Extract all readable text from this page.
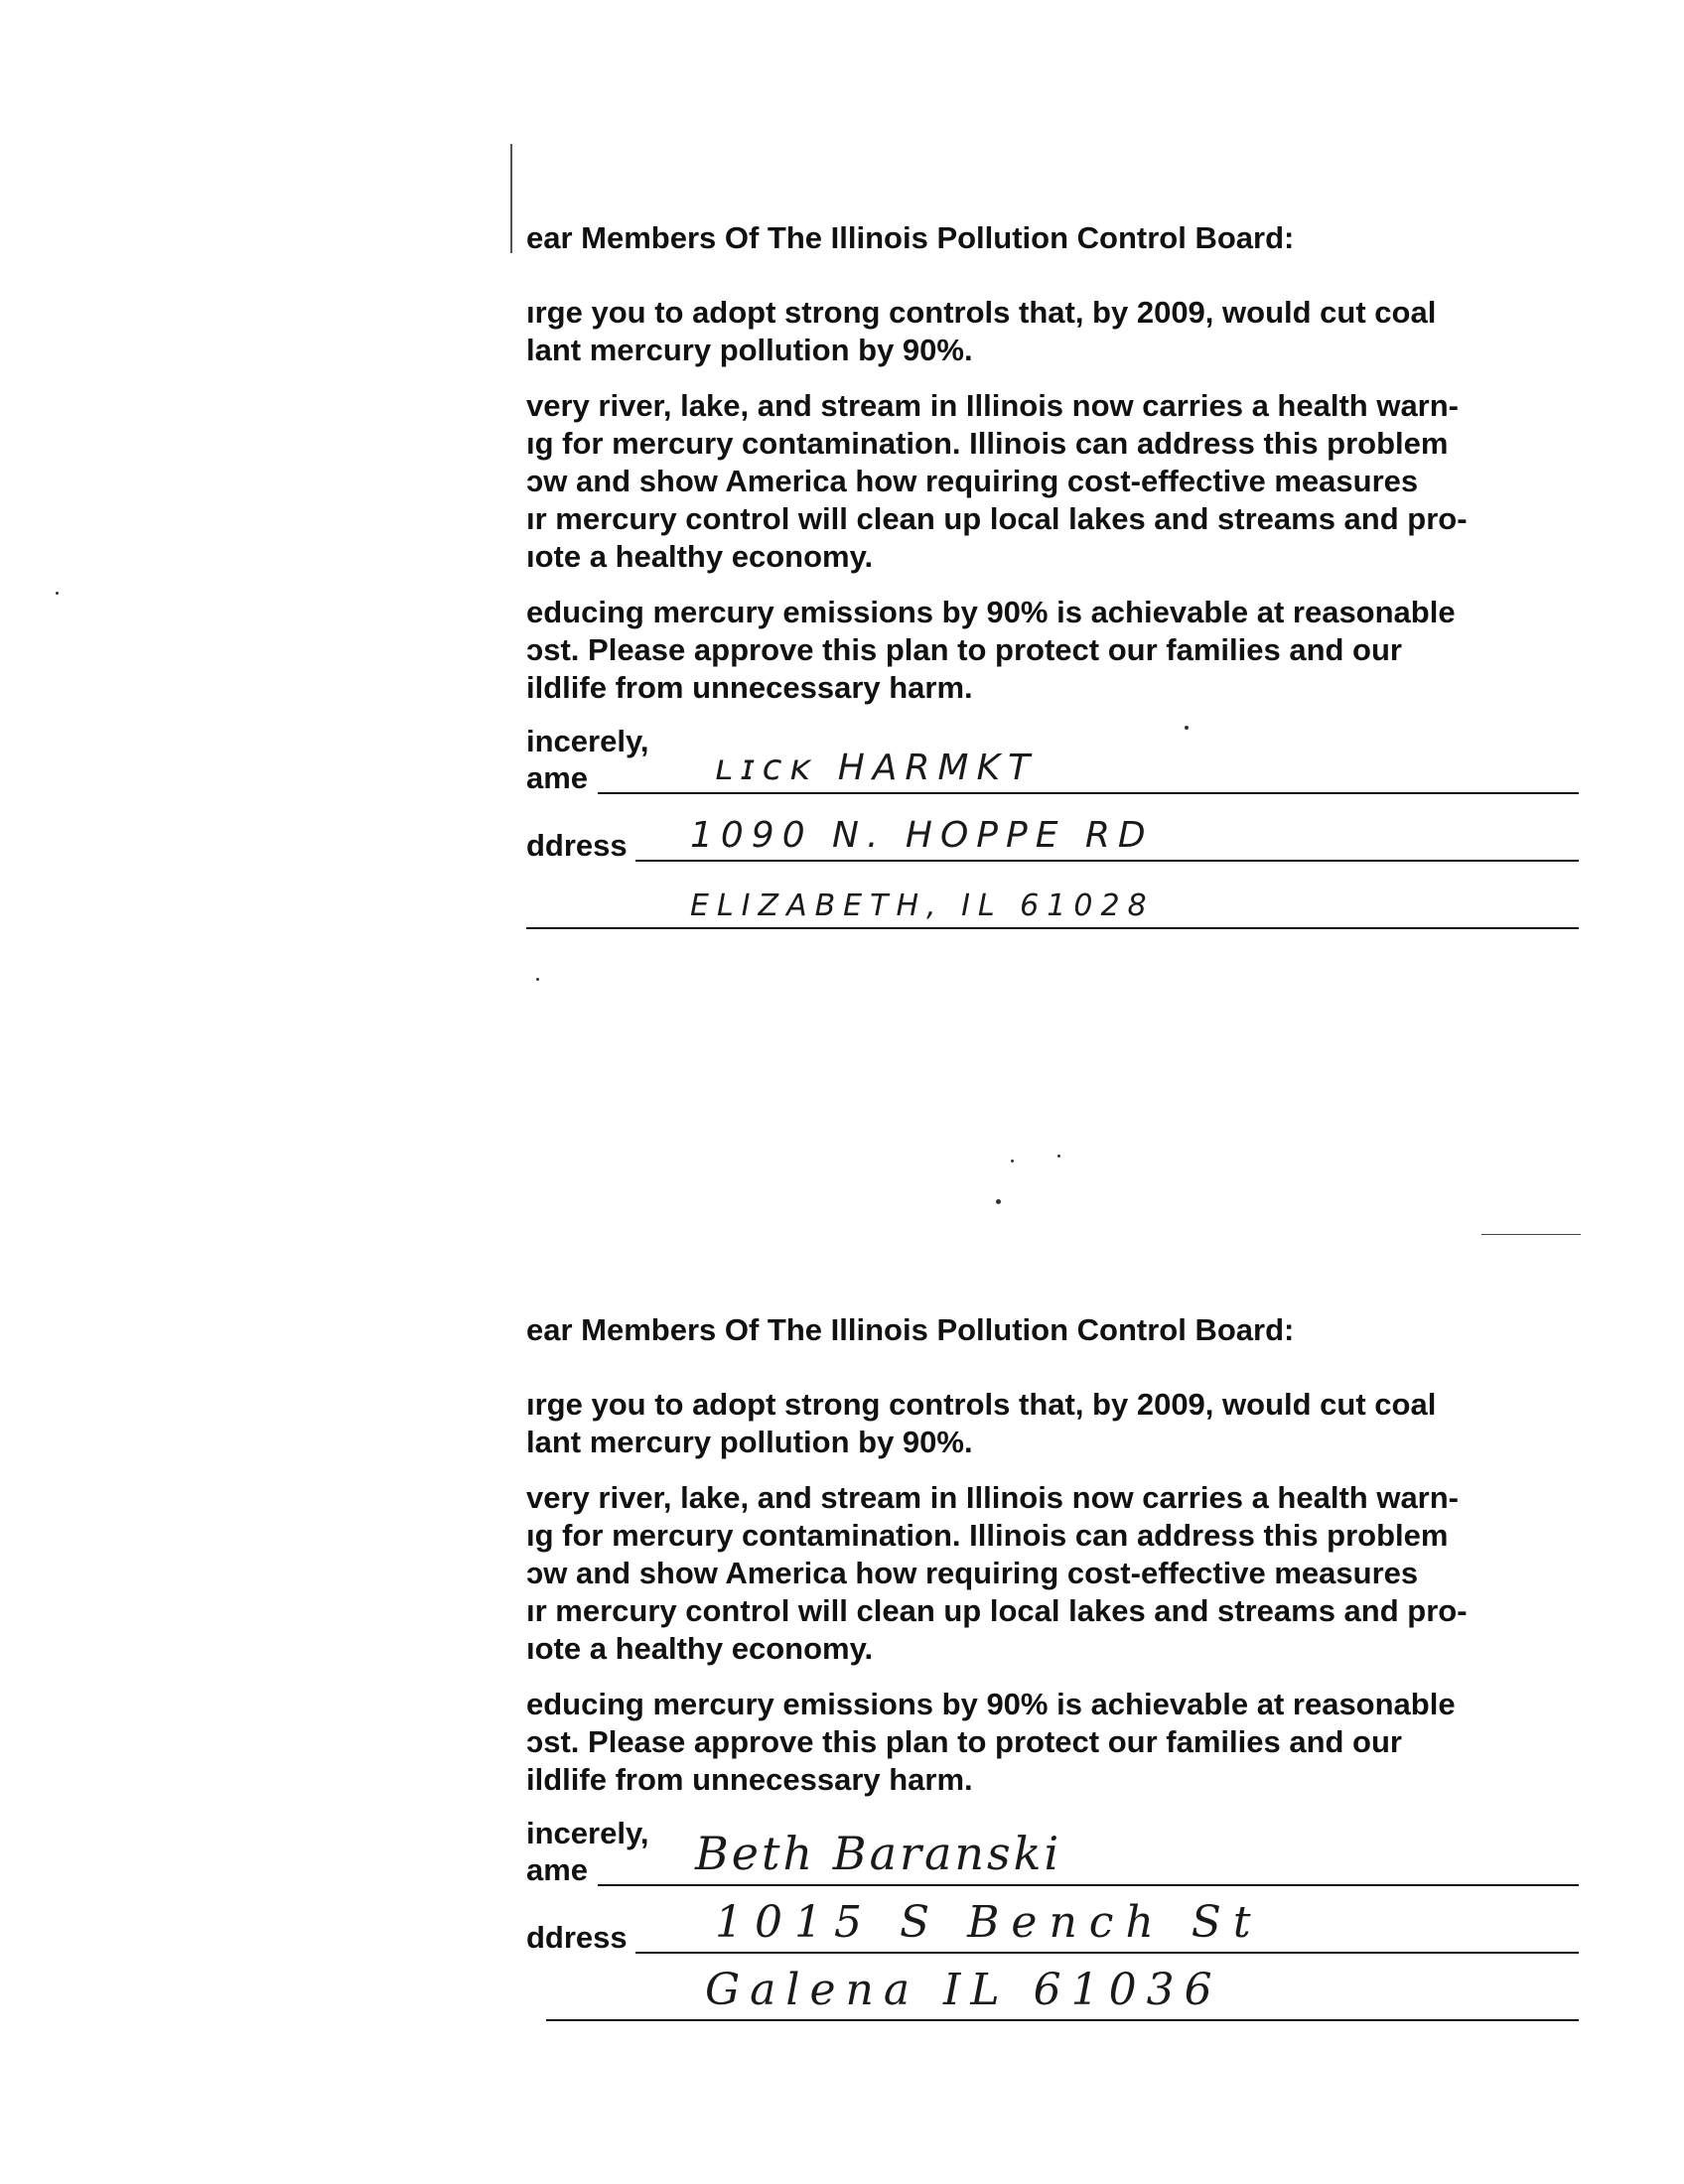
ear Members Of The Illinois Pollution Control Board:
ırge you to adopt strong controls that, by 2009, would cut coal
lant mercury pollution by 90%.
very river, lake, and stream in Illinois now carries a health warn-
ıg for mercury contamination. Illinois can address this problem
ɔw and show America how requiring cost-effective measures
ır mercury control will clean up local lakes and streams and pro-
ıote a healthy economy.
educing mercury emissions by 90% is achievable at reasonable
ɔst. Please approve this plan to protect our families and our
ildlife from unnecessary harm.
incerely,
ame	ʟɪᴄᴋ HARMKT
ddress 1090 N. HOPPE RD
ELIZABETH, IL 61028
ear Members Of The Illinois Pollution Control Board:
ırge you to adopt strong controls that, by 2009, would cut coal
lant mercury pollution by 90%.
very river, lake, and stream in Illinois now carries a health warn-
ıg for mercury contamination. Illinois can address this problem
ɔw and show America how requiring cost-effective measures
ır mercury control will clean up local lakes and streams and pro-
ıote a healthy economy.
educing mercury emissions by 90% is achievable at reasonable
ɔst. Please approve this plan to protect our families and our
ildlife from unnecessary harm.
incerely,
ame Beth Baranski
ddress 1015 S Bench St
Galena IL 61036
